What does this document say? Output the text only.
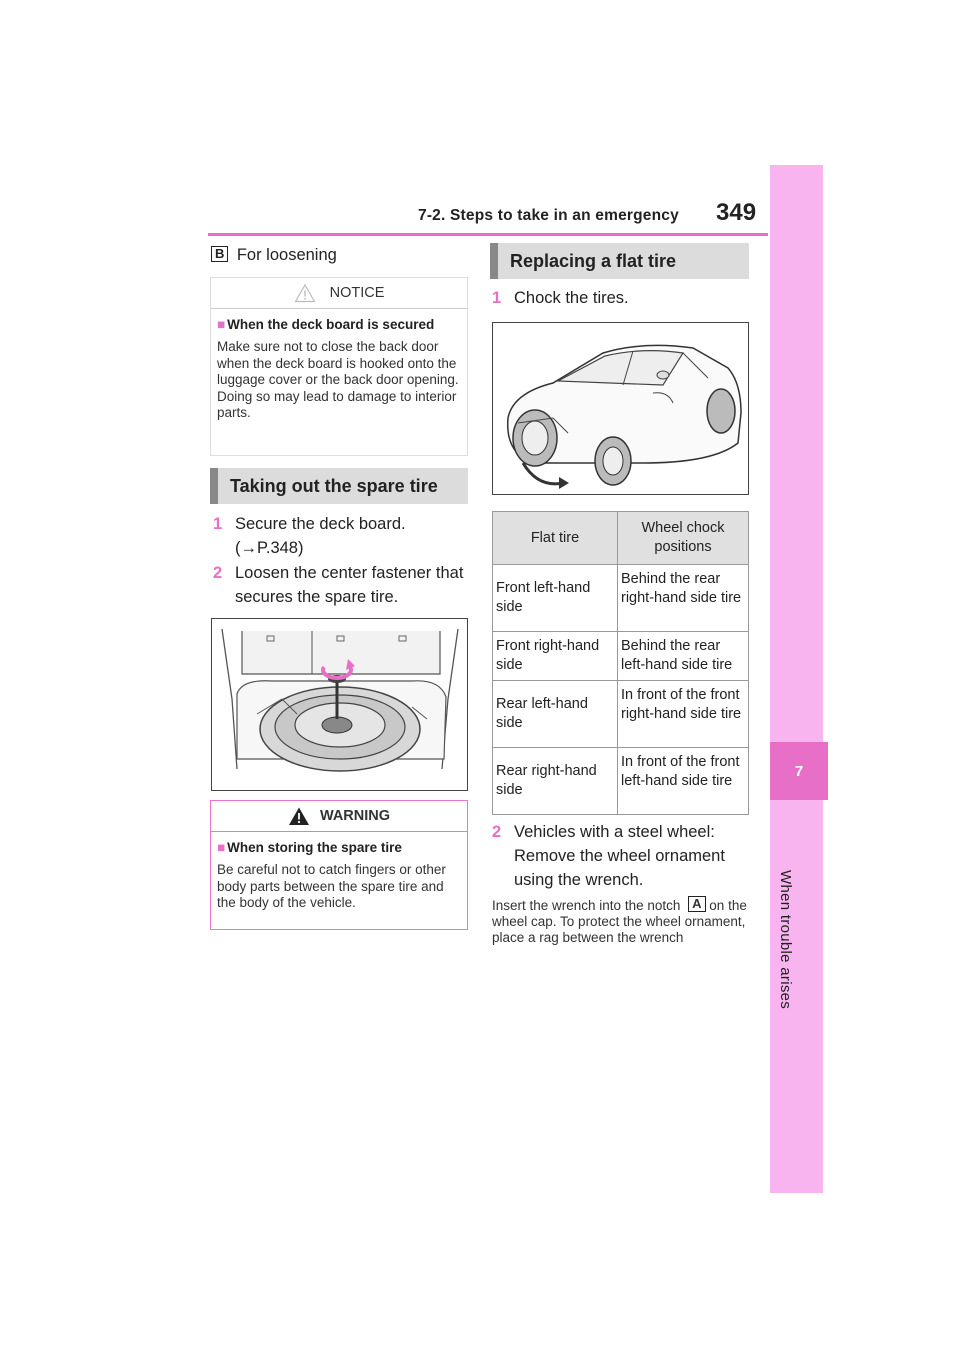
7-2. Steps to take in an emergency 349
7
When trouble arises
B For loosening
NOTICE
■ When the deck board is secured
Make sure not to close the back door when the deck board is hooked onto the luggage cover or the back door opening. Doing so may lead to damage to interior parts.
Taking out the spare tire
1 Secure the deck board.
(→P.348)
2 Loosen the center fastener that secures the spare tire.
WARNING
■ When storing the spare tire
Be careful not to catch fingers or other body parts between the spare tire and the body of the vehicle.
Replacing a flat tire
1 Chock the tires.
Flat tire	Wheel chock positions
Front left-hand side	Behind the rear right-hand side tire
Front right-hand side	Behind the rear left-hand side tire
Rear left-hand side	In front of the front right-hand side tire
Rear right-hand side	In front of the front left-hand side tire
2 Vehicles with a steel wheel: Remove the wheel ornament using the wrench.
Insert the wrench into the notch A on the wheel cap. To protect the wheel ornament, place a rag between the wrench
